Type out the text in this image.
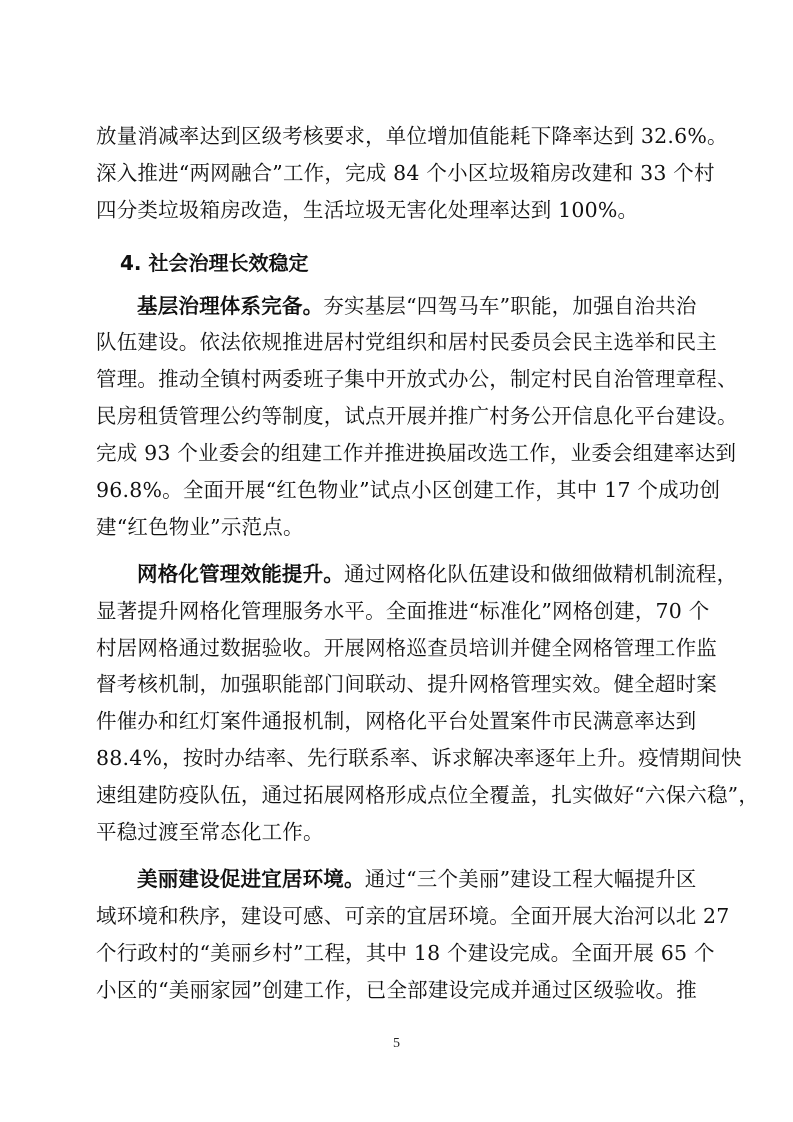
放量消减率达到区级考核要求，单位增加值能耗下降率达到 32.6%。
深入推进“两网融合”工作，完成 84 个小区垃圾箱房改建和 33 个村
四分类垃圾箱房改造，生活垃圾无害化处理率达到 100%。
4. 社会治理长效稳定
基层治理体系完备。夯实基层“四驾马车”职能，加强自治共治
队伍建设。依法依规推进居村党组织和居村民委员会民主选举和民主
管理。推动全镇村两委班子集中开放式办公，制定村民自治管理章程、
民房租赁管理公约等制度，试点开展并推广村务公开信息化平台建设。
完成 93 个业委会的组建工作并推进换届改选工作，业委会组建率达到
96.8%。全面开展“红色物业”试点小区创建工作，其中 17 个成功创
建“红色物业”示范点。
网格化管理效能提升。通过网格化队伍建设和做细做精机制流程，
显著提升网格化管理服务水平。全面推进“标准化”网格创建，70 个
村居网格通过数据验收。开展网格巡查员培训并健全网格管理工作监
督考核机制，加强职能部门间联动、提升网格管理实效。健全超时案
件催办和红灯案件通报机制，网格化平台处置案件市民满意率达到
88.4%，按时办结率、先行联系率、诉求解决率逐年上升。疫情期间快
速组建防疫队伍，通过拓展网格形成点位全覆盖，扎实做好“六保六稳”，
平稳过渡至常态化工作。
美丽建设促进宜居环境。通过“三个美丽”建设工程大幅提升区
域环境和秩序，建设可感、可亲的宜居环境。全面开展大治河以北 27
个行政村的“美丽乡村”工程，其中 18 个建设完成。全面开展 65 个
小区的“美丽家园”创建工作，已全部建设完成并通过区级验收。推
5
